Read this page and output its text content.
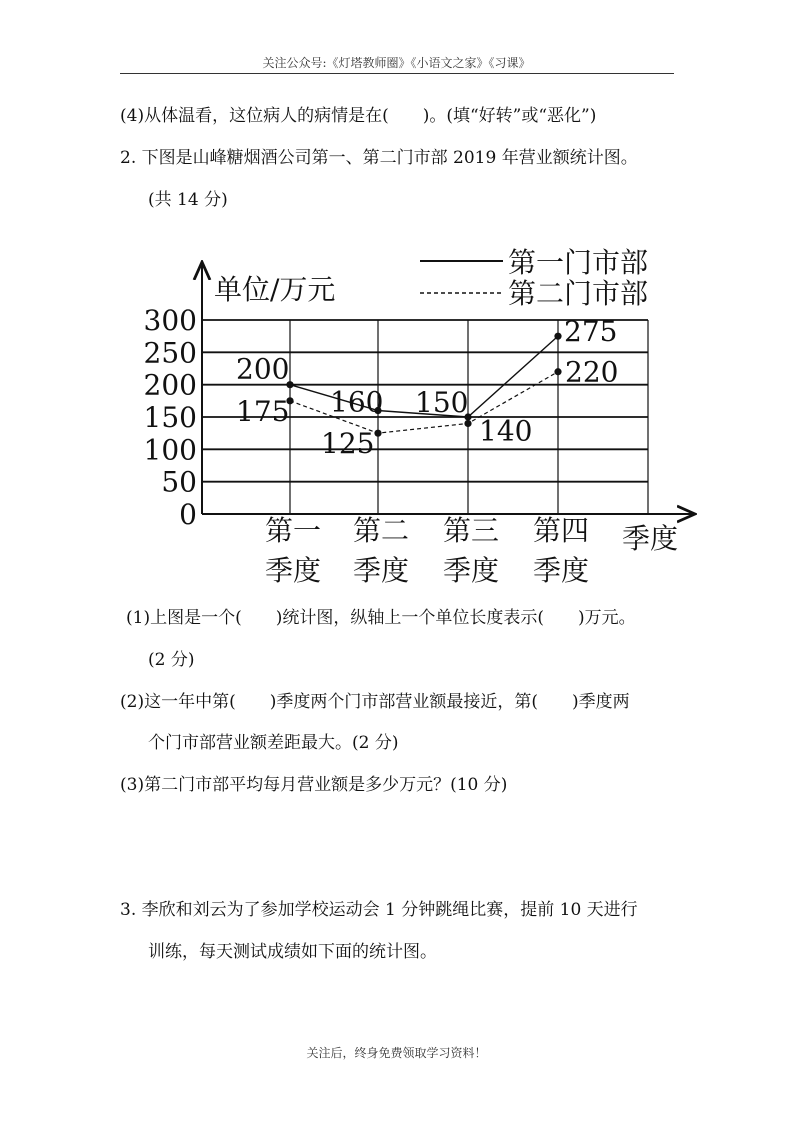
关注公众号:《灯塔教师圈》《小语文之家》《习课》
(4)从体温看，这位病人的病情是在(　　)。(填“好转”或“恶化”)
2. 下图是山峰糖烟酒公司第一、第二门市部 2019 年营业额统计图。
(共 14 分)
300
250
200
150
100
50
0 第一
季度
第二
季度
第三
季度
第四
季度
200
160 150
275
175
125	140
220
单位/万元
季度
第一门市部
第二门市部
(1)上图是一个(　　)统计图，纵轴上一个单位长度表示(　　)万元。
(2 分)
(2)这一年中第(　　)季度两个门市部营业额最接近，第(　　)季度两
个门市部营业额差距最大。(2 分)
(3)第二门市部平均每月营业额是多少万元？(10 分)
3. 李欣和刘云为了参加学校运动会 1 分钟跳绳比赛，提前 10 天进行
训练，每天测试成绩如下面的统计图。
关注后，终身免费领取学习资料！
